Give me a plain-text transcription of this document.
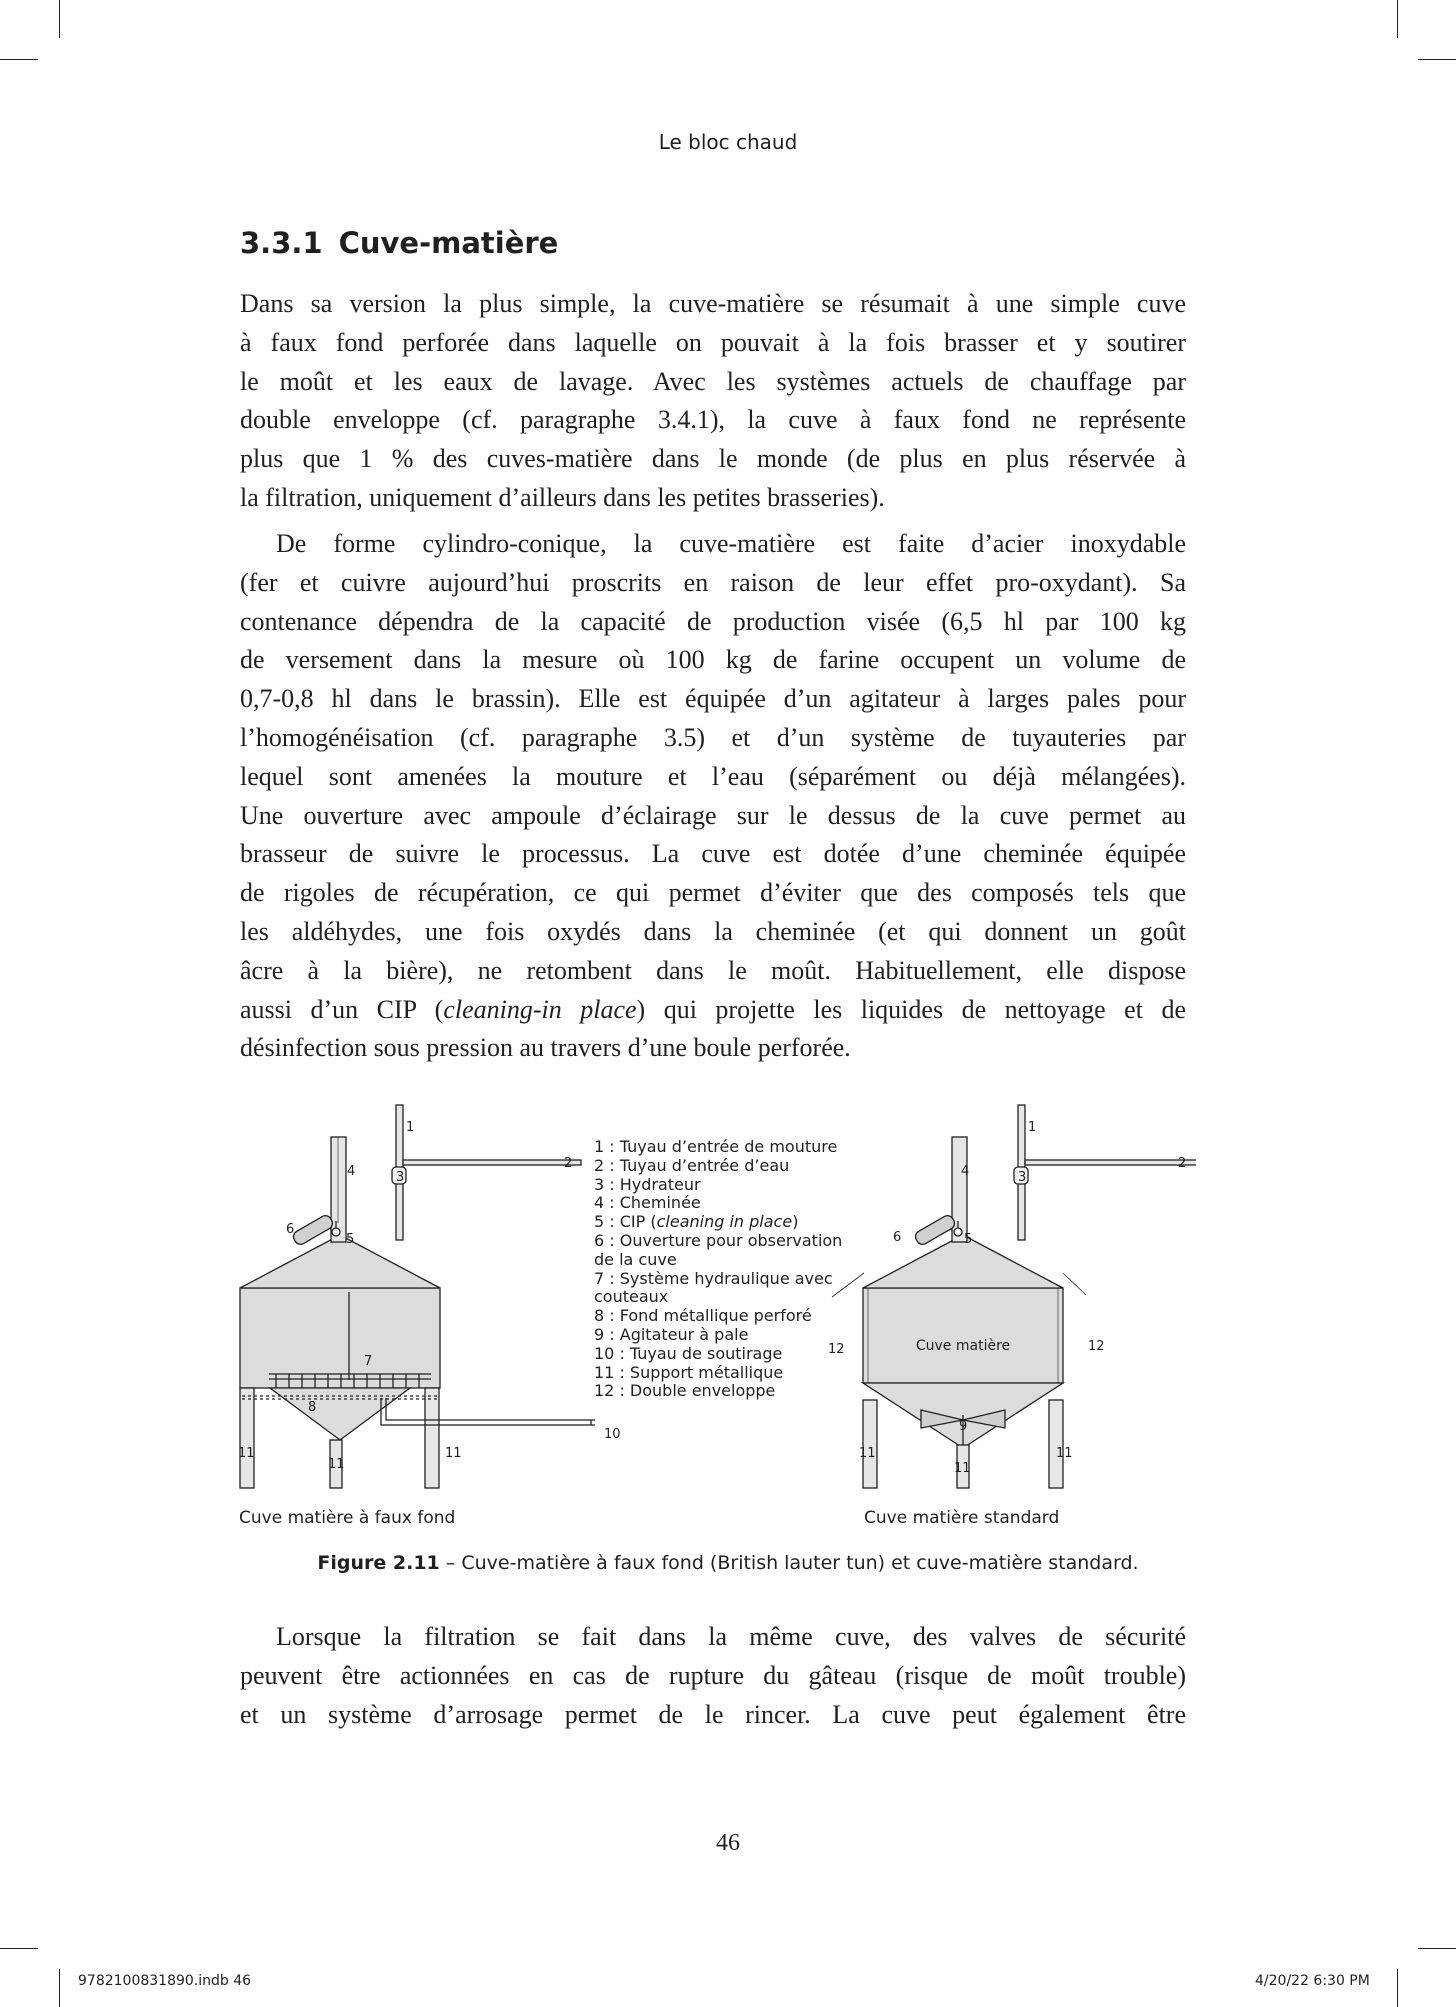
Le bloc chaud
3.3.1 Cuve-matière

Dans sa version la plus simple, la cuve-matière se résumait à une simple cuve
à faux fond perforée dans laquelle on pouvait à la fois brasser et y soutirer
le moût et les eaux de lavage. Avec les systèmes actuels de chauffage par
double enveloppe (cf. paragraphe 3.4.1), la cuve à faux fond ne représente
plus que 1 % des cuves-matière dans le monde (de plus en plus réservée à
la filtration, uniquement d’ailleurs dans les petites brasseries).

De forme cylindro-conique, la cuve-matière est faite d’acier inoxydable
(fer et cuivre aujourd’hui proscrits en raison de leur effet pro-oxydant). Sa
contenance dépendra de la capacité de production visée (6,5 hl par 100 kg
de versement dans la mesure où 100 kg de farine occupent un volume de
0,7-0,8 hl dans le brassin). Elle est équipée d’un agitateur à larges pales pour
l’homogénéisation (cf. paragraphe 3.5) et d’un système de tuyauteries par
lequel sont amenées la mouture et l’eau (séparément ou déjà mélangées).
Une ouverture avec ampoule d’éclairage sur le dessus de la cuve permet au
brasseur de suivre le processus. La cuve est dotée d’une cheminée équipée
de rigoles de récupération, ce qui permet d’éviter que des composés tels que
les aldéhydes, une fois oxydés dans la cheminée (et qui donnent un goût
âcre à la bière), ne retombent dans le moût. Habituellement, elle dispose
aussi d’un CIP (cleaning-in place) qui projette les liquides de nettoyage et de
désinfection sous pression au travers d’une boule perforée.

1
2
3
4
5
6
7
8
10
11
11
11
1
2
3
4
5
6
9
12	12
11
11
11
Cuve matière
1 : Tuyau d’entrée de mouture
2 : Tuyau d’entrée d’eau
3 : Hydrateur
4 : Cheminée
5 : CIP (cleaning in place)
6 : Ouverture pour observation
de la cuve
7 : Système hydraulique avec
couteaux
8 : Fond métallique perforé
9 : Agitateur à pale
10 : Tuyau de soutirage
11 : Support métallique
12 : Double enveloppe
Cuve matière à faux fond	Cuve matière standard
Figure 2.11 – Cuve-matière à faux fond (British lauter tun) et cuve-matière standard.

Lorsque la filtration se fait dans la même cuve, des valves de sécurité
peuvent être actionnées en cas de rupture du gâteau (risque de moût trouble)
et un système d’arrosage permet de le rincer. La cuve peut également être

46
9782100831890.indb 46	4/20/22 6:30 PM
